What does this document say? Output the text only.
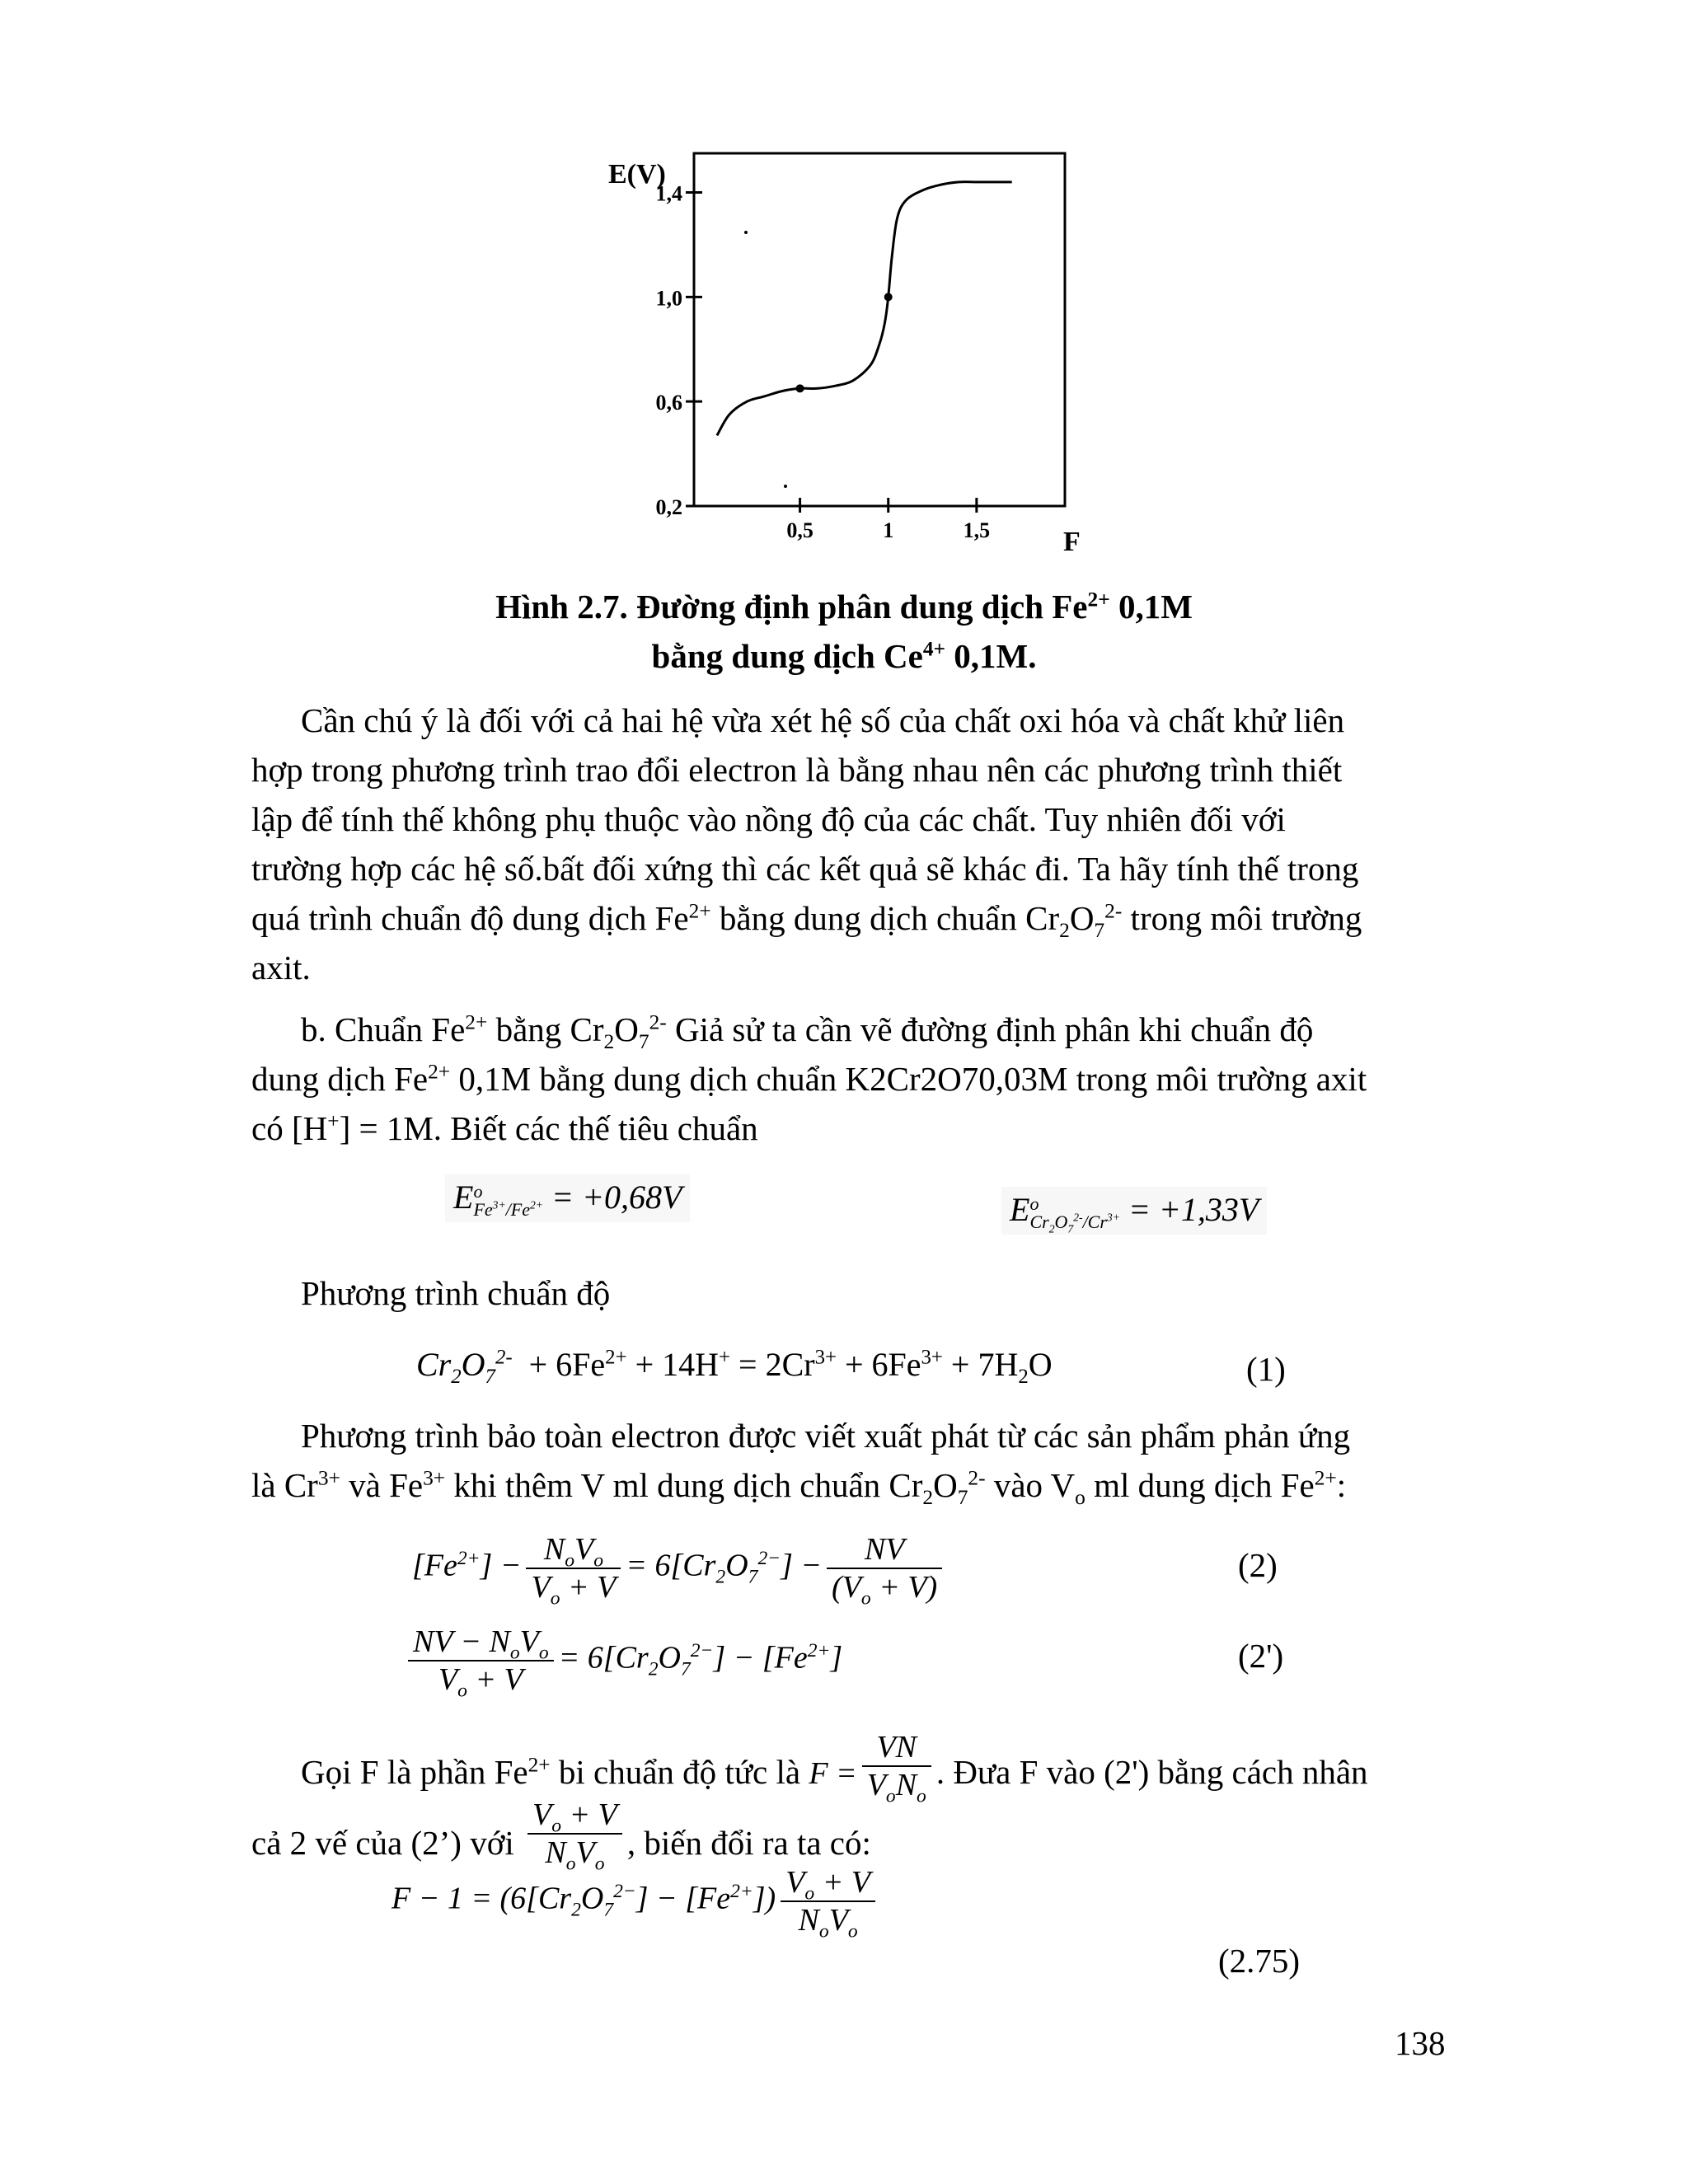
1,4
1,0
0,6
0,2
0,5	1	1,5
E(V)
F
Hình 2.7. Đường định phân dung dịch $Fe^{2+}$ 0,1M
bằng dung dịch $Ce^{4+}$ 0,1M.
Cần chú ý là đối với cả hai hệ vừa xét hệ số của chất oxi hóa và chất khử liên
hợp trong phương trình trao đổi electron là bằng nhau nên các phương trình thiết
lập để tính thế không phụ thuộc vào nồng độ của các chất. Tuy nhiên đối với
trường hợp các hệ số.bất đối xứng thì các kết quả sẽ khác đi. Ta hãy tính thế trong
quá trình chuẩn độ dung dịch $Fe^{2+}$ bằng dung dịch chuẩn $Cr_2O_7^{2-}$ trong môi trường
axit.
b. Chuẩn $Fe^{2+}$ bằng $Cr_2O_7^{2-}$ Giả sử ta cần vẽ đường định phân khi chuẩn độ
dung dịch $Fe^{2+}$ 0,1M bằng dung dịch chuẩn K2Cr2O70,03M trong môi trường axit
có [H+] = 1M. Biết các thế tiêu chuẩn
E o
$Fe^{3+}/Fe^{2+} = +0,68V$	E o
$Cr_2O_7^{2-}/Cr^{3+} = +1,33V$
Phương trình chuẩn độ
$Cr_2O_7^{2-} + 6Fe^{2+} + 14H^+ = 2Cr^{3+} + 6Fe^{3+} + 7H_2O$	(1)
Phương trình bảo toàn electron được viết xuất phát từ các sản phẩm phản ứng
là $Cr^{3+}$ và $Fe^{3+}$ khi thêm V ml dung dịch chuẩn $Cr_2O_7^{2-}$ vào $V_o$ ml dung dịch $Fe^{2+}$:
$[Fe^{2+}] - \frac{N_oV_o}{V_o + V} = 6[Cr_2O_7^{2-}] - \frac{NV}{(V_o + V)}$	(2)
$\frac{NV - N_oV_o}{V_o + V} = 6[Cr_2O_7^{2-}] - [Fe^{2+}]$	(2')
Gọi F là phần $Fe^{2+}$ bi chuẩn độ tức là $F = \frac{VN}{V_oN_o}$ . Đưa F vào (2') bằng cách nhân
cả 2 vế của (2’) với $\frac{V_o + V}{N_oV_o}$ , biến đổi ra ta có:
$F - 1 = (6[Cr_2O_7^{2-}] - [Fe^{2+}]) \frac{V_o + V}{N_oV_o}$
(2.75)
138
